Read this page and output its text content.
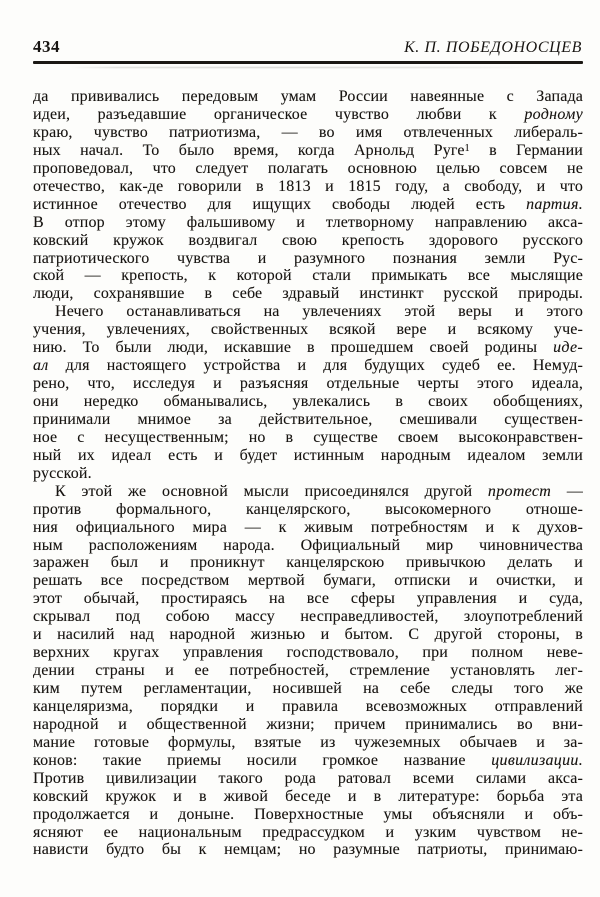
434	К. П. ПОБЕДОНОСЦЕВ
да прививались передовым умам России навеянные с Запада
идеи, разъедавшие органическое чувство любви к родному
краю, чувство патриотизма, — во имя отвлеченных либераль-
ных начал. То было время, когда Арнольд Руге$^1$ в Германии
проповедовал, что следует полагать основною целью совсем не
отечество, как-де говорили в 1813 и 1815 году, а свободу, и что
истинное отечество для ищущих свободы людей есть партия.
В отпор этому фальшивому и тлетворному направлению акса-
ковский кружок воздвигал свою крепость здорового русского
патриотического чувства и разумного познания земли Рус-
ской — крепость, к которой стали примыкать все мыслящие
люди, сохранявшие в себе здравый инстинкт русской природы.
Нечего останавливаться на увлечениях этой веры и этого
учения, увлечениях, свойственных всякой вере и всякому уче-
нию. То были люди, искавшие в прошедшем своей родины иде-
ал для настоящего устройства и для будущих судеб ее. Немуд-
рено, что, исследуя и разъясняя отдельные черты этого идеала,
они нередко обманывались, увлекались в своих обобщениях,
принимали мнимое за действительное, смешивали существен-
ное с несущественным; но в существе своем высоконравствен-
ный их идеал есть и будет истинным народным идеалом земли
русской.
К этой же основной мысли присоединялся другой протест —
против формального, канцелярского, высокомерного отноше-
ния официального мира — к живым потребностям и к духов-
ным расположениям народа. Официальный мир чиновничества
заражен был и проникнут канцелярскою привычкою делать и
решать все посредством мертвой бумаги, отписки и очистки, и
этот обычай, простираясь на все сферы управления и суда,
скрывал под собою массу несправедливостей, злоупотреблений
и насилий над народной жизнью и бытом. С другой стороны, в
верхних кругах управления господствовало, при полном неве-
дении страны и ее потребностей, стремление установлять лег-
ким путем регламентации, носившей на себе следы того же
канцеляризма, порядки и правила всевозможных отправлений
народной и общественной жизни; причем принимались во вни-
мание готовые формулы, взятые из чужеземных обычаев и за-
конов: такие приемы носили громкое название цивилизации.
Против цивилизации такого рода ратовал всеми силами акса-
ковский кружок и в живой беседе и в литературе: борьба эта
продолжается и доныне. Поверхностные умы объясняли и объ-
ясняют ее национальным предрассудком и узким чувством не-
нависти будто бы к немцам; но разумные патриоты, принимаю-
